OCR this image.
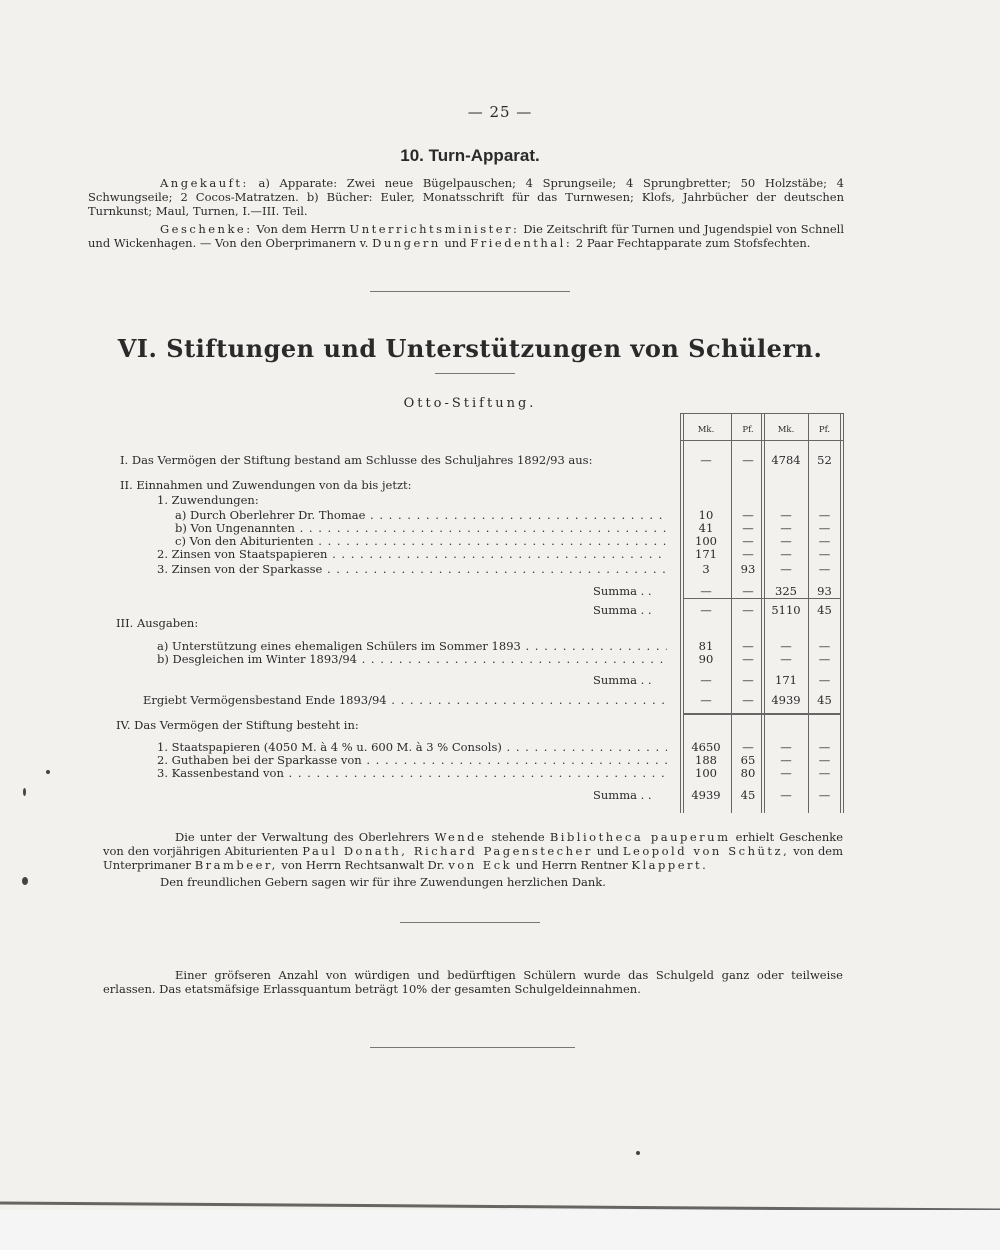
— 25 —
10. Turn-Apparat.
Angekauft: a) Apparate: Zwei neue Bügelpauschen; 4 Sprungseile; 4 Sprungbretter; 50 Holzstäbe; 4 Schwungseile; 2 Cocos-Matratzen. b) Bücher: Euler, Monatsschrift für das Turnwesen; Klofs, Jahrbücher der deutschen Turnkunst; Maul, Turnen, I.—III. Teil.
Geschenke: Von dem Herrn Unterrichtsminister: Die Zeitschrift für Turnen und Jugendspiel von Schnell und Wickenhagen. — Von den Oberprimanern v. Dungern und Friedenthal: 2 Paar Fechtapparate zum Stofsfechten.
VI. Stiftungen und Unterstützungen von Schülern.
Otto-Stiftung.
Mk.	Pf.	Mk.	Pf.
I. Das Vermögen der Stiftung bestand am Schlusse des Schuljahres 1892/93 aus:	—	—	4784	52
II. Einnahmen und Zuwendungen von da bis jetzt:
1. Zuwendungen:
a) Durch Oberlehrer Dr. Thomae . . .	10	—	—	—
b) Von Ungenannten . . .	41	—	—	—
c) Von den Abiturienten . . .	100	—	—	—
2. Zinsen von Staatspapieren . . .	171	—	—	—
3. Zinsen von der Sparkasse . . .	3	93	—	—
Summa . .	—	—	325	93
Summa . .	—	—	5110	45
III. Ausgaben:
a) Unterstützung eines ehemaligen Schülers im Sommer 1893 . . .	81	—	—	—
b) Desgleichen im Winter 1893/94 . . .	90	—	—	—
Summa . .	—	—	171	—
Ergiebt Vermögensbestand Ende 1893/94 . . .	—	—	4939	45
IV. Das Vermögen der Stiftung besteht in:
1. Staatspapieren (4050 M. à 4 % u. 600 M. à 3 % Consols) . . .	4650	—	—	—
2. Guthaben bei der Sparkasse von . . .	188	65	—	—
3. Kassenbestand von . . .	100	80	—	—
Summa . .	4939	45	—	—
Die unter der Verwaltung des Oberlehrers Wende stehende Bibliotheca pauperum erhielt Geschenke von den vorjährigen Abiturienten Paul Donath, Richard Pagenstecher und Leopold von Schütz, von dem Unterprimaner Brambeer, von Herrn Rechtsanwalt Dr. von Eck und Herrn Rentner Klappert.
Den freundlichen Gebern sagen wir für ihre Zuwendungen herzlichen Dank.
Einer gröfseren Anzahl von würdigen und bedürftigen Schülern wurde das Schulgeld ganz oder teilweise erlassen. Das etatsmäfsige Erlassquantum beträgt 10% der gesamten Schulgeldeinnahmen.
